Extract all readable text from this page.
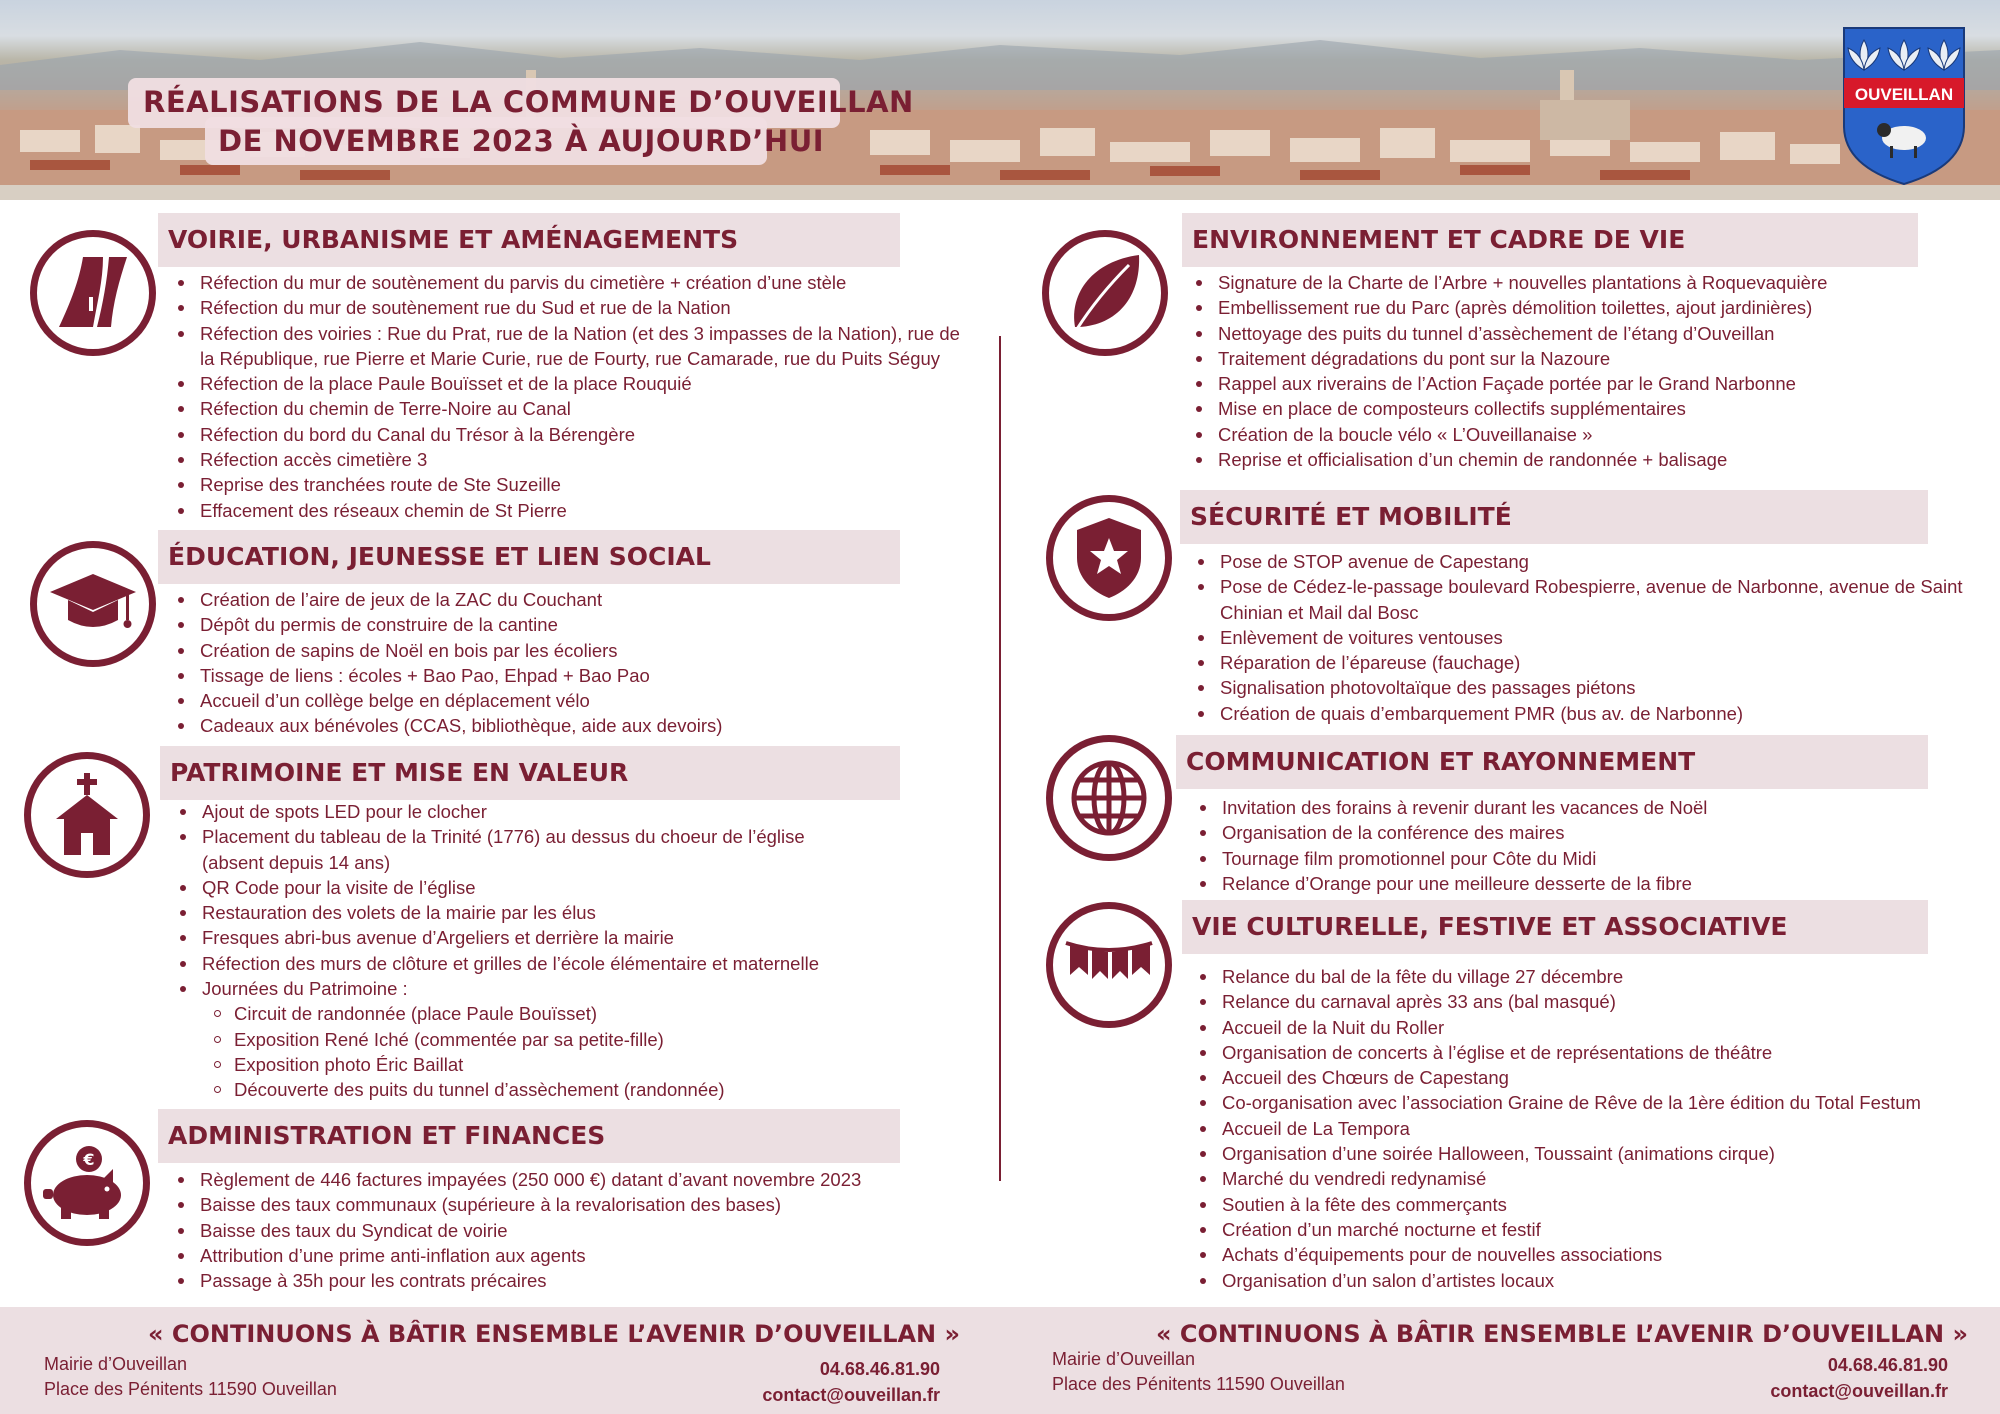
RÉALISATIONS DE LA COMMUNE D’OUVEILLAN
DE NOVEMBRE 2023 À AUJOURD’HUI
OUVEILLAN
VOIRIE, URBANISME ET AMÉNAGEMENTS
Réfection du mur de soutènement du parvis du cimetière + création d’une stèle
Réfection du mur de soutènement rue du Sud et rue de la Nation
Réfection des voiries : Rue du Prat, rue de la Nation (et des 3 impasses de la Nation), rue de
la République, rue Pierre et Marie Curie, rue de Fourty, rue Camarade, rue du Puits Séguy
Réfection de la place Paule Bouïsset et de la place Rouquié
Réfection du chemin de Terre-Noire au Canal
Réfection du bord du Canal du Trésor à la Bérengère
Réfection accès cimetière 3
Reprise des tranchées route de Ste Suzeille
Effacement des réseaux chemin de St Pierre
ÉDUCATION, JEUNESSE ET LIEN SOCIAL
Création de l’aire de jeux de la ZAC du Couchant
Dépôt du permis de construire de la cantine
Création de sapins de Noël en bois par les écoliers
Tissage de liens : écoles + Bao Pao, Ehpad + Bao Pao
Accueil d’un collège belge en déplacement vélo
Cadeaux aux bénévoles (CCAS, bibliothèque, aide aux devoirs)
PATRIMOINE ET MISE EN VALEUR
Ajout de spots LED pour le clocher
Placement du tableau de la Trinité (1776) au dessus du choeur de l’église
(absent depuis 14 ans)
QR Code pour la visite de l’église
Restauration des volets de la mairie par les élus
Fresques abri-bus avenue d’Argeliers et derrière la mairie
Réfection des murs de clôture et grilles de l’école élémentaire et maternelle
Journées du Patrimoine :
Circuit de randonnée (place Paule Bouïsset)
Exposition René Iché (commentée par sa petite-fille)
Exposition photo Éric Baillat
Découverte des puits du tunnel d’assèchement (randonnée)
€
ADMINISTRATION ET FINANCES
Règlement de 446 factures impayées (250 000 €) datant d’avant novembre 2023
Baisse des taux communaux (supérieure à la revalorisation des bases)
Baisse des taux du Syndicat de voirie
Attribution d’une prime anti-inflation aux agents
Passage à 35h pour les contrats précaires
ENVIRONNEMENT ET CADRE DE VIE
Signature de la Charte de l’Arbre + nouvelles plantations à Roquevaquière
Embellissement rue du Parc (après démolition toilettes, ajout jardinières)
Nettoyage des puits du tunnel d’assèchement de l’étang d’Ouveillan
Traitement dégradations du pont sur la Nazoure
Rappel aux riverains de l’Action Façade portée par le Grand Narbonne
Mise en place de composteurs collectifs supplémentaires
Création de la boucle vélo « L’Ouveillanaise »
Reprise et officialisation d’un chemin de randonnée + balisage
SÉCURITÉ ET MOBILITÉ
Pose de STOP avenue de Capestang
Pose de Cédez-le-passage boulevard Robespierre, avenue de Narbonne, avenue de Saint
Chinian et Mail dal Bosc
Enlèvement de voitures ventouses
Réparation de l’épareuse (fauchage)
Signalisation photovoltaïque des passages piétons
Création de quais d’embarquement PMR (bus av. de Narbonne)
COMMUNICATION ET RAYONNEMENT
Invitation des forains à revenir durant les vacances de Noël
Organisation de la conférence des maires
Tournage film promotionnel pour Côte du Midi
Relance d’Orange pour une meilleure desserte de la fibre
VIE CULTURELLE, FESTIVE ET ASSOCIATIVE
Relance du bal de la fête du village 27 décembre
Relance du carnaval après 33 ans (bal masqué)
Accueil de la Nuit du Roller
Organisation de concerts à l’église et de représentations de théâtre
Accueil des Chœurs de Capestang
Co-organisation avec l’association Graine de Rêve de la 1ère édition du Total Festum
Accueil de La Tempora
Organisation d’une soirée Halloween, Toussaint (animations cirque)
Marché du vendredi redynamisé
Soutien à la fête des commerçants
Création d’un marché nocturne et festif
Achats d’équipements pour de nouvelles associations
Organisation d’un salon d’artistes locaux
« CONTINUONS À BÂTIR ENSEMBLE L’AVENIR D’OUVEILLAN »
Mairie d’Ouveillan
Place des Pénitents 11590 Ouveillan
04.68.46.81.90
contact@ouveillan.fr
« CONTINUONS À BÂTIR ENSEMBLE L’AVENIR D’OUVEILLAN »
Mairie d’Ouveillan
Place des Pénitents 11590 Ouveillan
04.68.46.81.90
contact@ouveillan.fr
